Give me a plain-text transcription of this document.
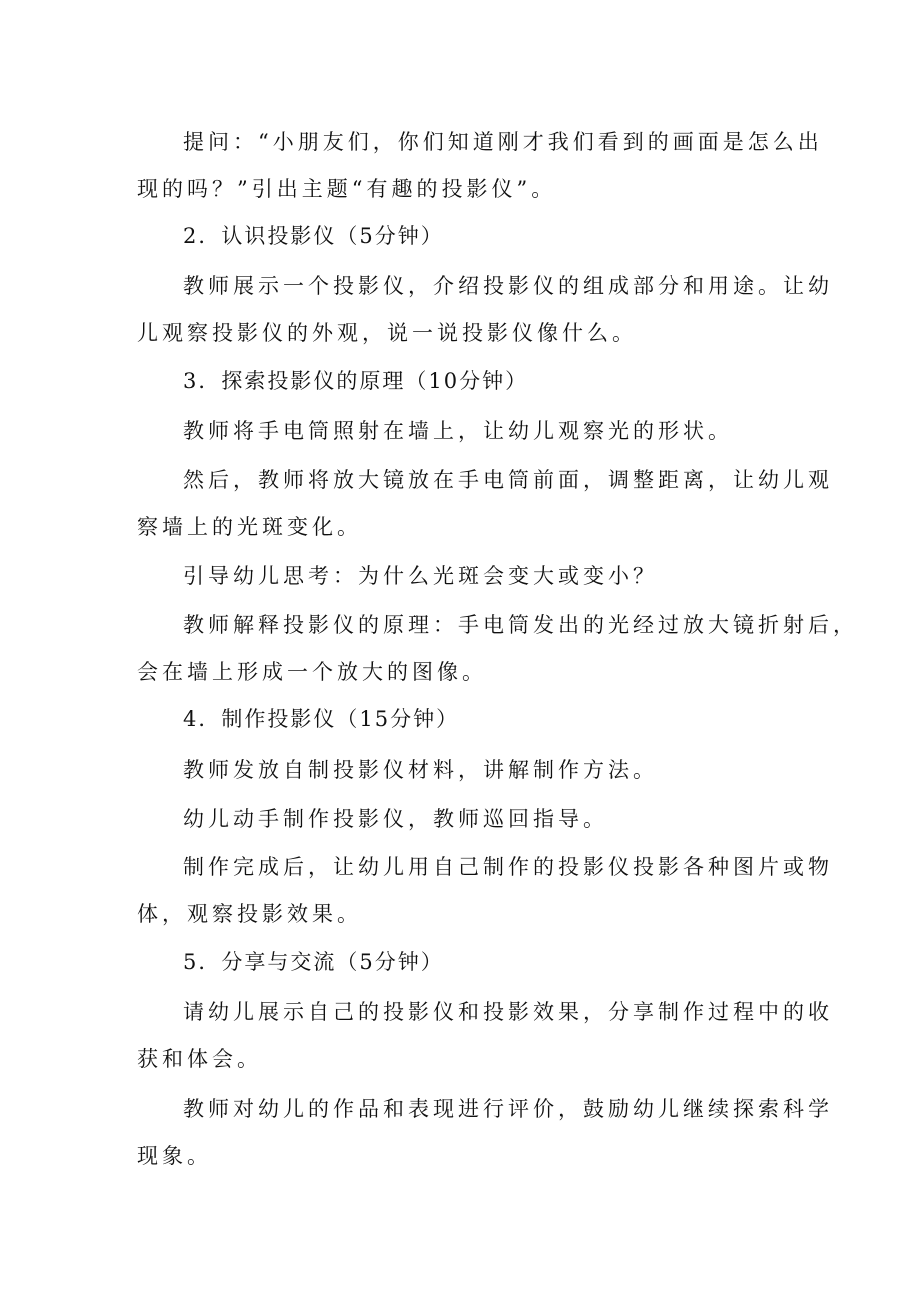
提问：“小朋友们，你们知道刚才我们看到的画面是怎么出
现的吗？”引出主题“有趣的投影仪”。
2．认识投影仪（5分钟）
教师展示一个投影仪，介绍投影仪的组成部分和用途。让幼
儿观察投影仪的外观，说一说投影仪像什么。
3．探索投影仪的原理（10分钟）
教师将手电筒照射在墙上，让幼儿观察光的形状。
然后，教师将放大镜放在手电筒前面，调整距离，让幼儿观
察墙上的光斑变化。
引导幼儿思考：为什么光斑会变大或变小？
教师解释投影仪的原理：手电筒发出的光经过放大镜折射后，
会在墙上形成一个放大的图像。
4．制作投影仪（15分钟）
教师发放自制投影仪材料，讲解制作方法。
幼儿动手制作投影仪，教师巡回指导。
制作完成后，让幼儿用自己制作的投影仪投影各种图片或物
体，观察投影效果。
5．分享与交流（5分钟）
请幼儿展示自己的投影仪和投影效果，分享制作过程中的收
获和体会。
教师对幼儿的作品和表现进行评价，鼓励幼儿继续探索科学
现象。
